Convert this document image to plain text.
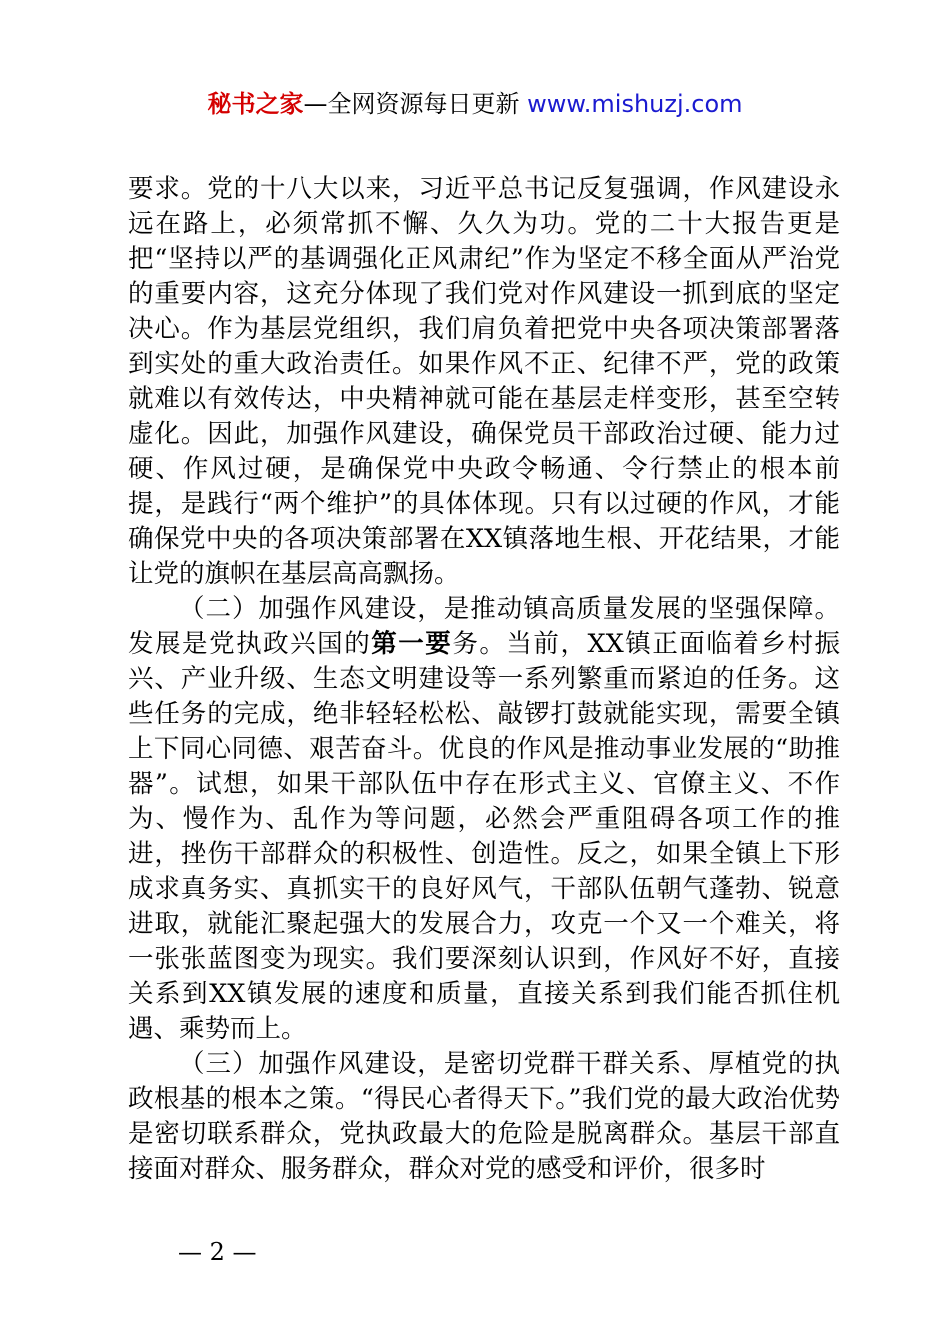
秘书之家—全网资源每日更新 www.mishuzj.com

要求。党的十八大以来，习近平总书记反复强调，作风建设永远在路上，必须常抓不懈、久久为功。党的二十大报告更是把“坚持以严的基调强化正风肃纪”作为坚定不移全面从严治党的重要内容，这充分体现了我们党对作风建设一抓到底的坚定决心。作为基层党组织，我们肩负着把党中央各项决策部署落到实处的重大政治责任。如果作风不正、纪律不严，党的政策就难以有效传达，中央精神就可能在基层走样变形，甚至空转虚化。因此，加强作风建设，确保党员干部政治过硬、能力过硬、作风过硬，是确保党中央政令畅通、令行禁止的根本前提，是践行“两个维护”的具体体现。只有以过硬的作风，才能确保党中央的各项决策部署在XX镇落地生根、开花结果，才能让党的旗帜在基层高高飘扬。

（二）加强作风建设，是推动镇高质量发展的坚强保障。发展是党执政兴国的第一要务。当前，XX镇正面临着乡村振兴、产业升级、生态文明建设等一系列繁重而紧迫的任务。这些任务的完成，绝非轻轻松松、敲锣打鼓就能实现，需要全镇上下同心同德、艰苦奋斗。优良的作风是推动事业发展的“助推器”。试想，如果干部队伍中存在形式主义、官僚主义、不作为、慢作为、乱作为等问题，必然会严重阻碍各项工作的推进，挫伤干部群众的积极性、创造性。反之，如果全镇上下形成求真务实、真抓实干的良好风气，干部队伍朝气蓬勃、锐意进取，就能汇聚起强大的发展合力，攻克一个又一个难关，将一张张蓝图变为现实。我们要深刻认识到，作风好不好，直接关系到XX镇发展的速度和质量，直接关系到我们能否抓住机遇、乘势而上。

（三）加强作风建设，是密切党群干群关系、厚植党的执政根基的根本之策。“得民心者得天下。”我们党的最大政治优势是密切联系群众，党执政最大的危险是脱离群众。基层干部直接面对群众、服务群众，群众对党的感受和评价，很多时

— 2 —
